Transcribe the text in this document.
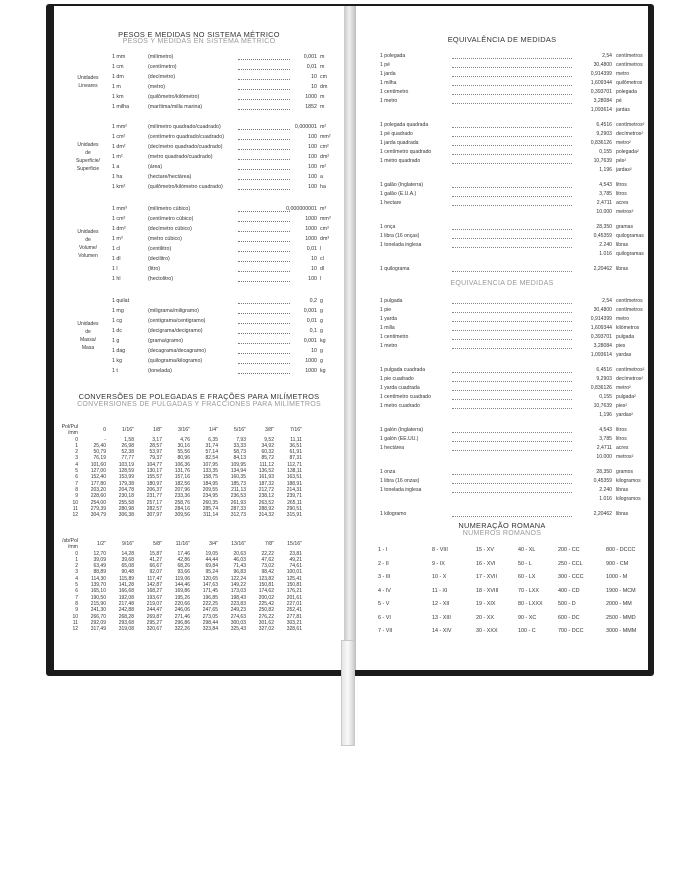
PESOS E MEDIDAS NO SISTEMA MÉTRICO
PESOS Y MEDIDAS EN SISTEMA MÉTRICO
Unidades
Lineares
1 mm	(milímetro)	0,001 m
1 cm	(centímetro)	0,01 m
1 dm	(decímetro)	10 cm
1 m	(metro)	10 dm
1 km	(quilômetro/kilómetro)	1000 m
1 milha	(marítima/milla marina)	1852 m
Unidades
de
Superfície/
Superficie
1 mm²	(milímetro quadrado/cuadrado)	0,000001 m²
1 cm²	(centímetro quadrado/cuadrado)	100 mm²
1 dm²	(decímetro quadrado/cuadrado)	100 cm²
1 m²	(metro quadrado/cuadrado)	100 dm²
1 a	(área)	100 m²
1 ha	(hectare/hectárea)	100 a
1 km²	(quilômetro/kilómetro cuadrado)	100 ha
Unidades
de
Volume/
Volumen
1 mm³	(milímetro cúbico)	0,000000001 m³
1 cm³	(centímetro cúbico)	1000 mm³
1 dm³	(decímetro cúbico)	1000 cm³
1 m³	(metro cúbico)	1000 dm³
1 cl	(centilitro)	0,01 l
1 dl	(decilitro)	10 cl
1 l	(litro)	10 dl
1 hl	(hectolitro)	100 l
Unidades
de
Massa/
Masa
1 quilat	0,2 g
1 mg	(miligrama/miligramo)	0,001 g
1 cg	(centigrama/centigramo)	0,01 g
1 dc	(decigrama/decigramo)	0,1 g
1 g	(grama/gramo)	0,001 kg
1 dag	(decagrama/decagramo)	10 g
1 kg	(quilograma/kilogramo)	1000 g
1 t	(tonelada)	1000 kg
CONVERSÕES DE POLEGADAS E FRAÇÕES PARA MILÍMETROS
CONVERSIONES DE PULGADAS Y FRACCIONES PARA MILÍMETROS
Pol/Pul /mm	0	1/16"	1/8"	3/16"	1/4"	5/16"	3/8"	7/16"
0	-	1,58	3,17	4,76	6,35	7,93	9,52	11,11
1	25,40	26,98	28,57	30,16	31,74	33,33	34,92	36,51
2	50,79	52,38	53,97	55,56	57,14	58,73	60,32	61,91
3	76,19	77,77	79,37	80,96	82,54	84,13	85,72	87,31
4	101,60	103,19	104,77	106,36	107,95	109,95	111,12	112,71
5	127,00	128,59	130,17	131,76	133,35	134,94	136,52	138,11
6	152,40	153,99	155,57	157,16	158,75	160,35	161,93	163,51
7	177,80	179,38	180,97	182,56	184,95	185,73	187,32	188,91
8	203,20	204,78	206,37	207,96	209,55	211,13	212,72	214,31
9	228,60	230,18	231,77	233,36	234,95	236,53	238,12	239,71
10	254,00	255,58	257,17	258,76	260,35	261,93	263,52	265,11
11	279,39	280,98	282,57	284,16	285,74	287,33	288,92	290,51
12	304,79	306,38	307,97	309,56	311,14	312,73	314,32	315,91
/sb/Pol /mm	1/2"	9/16"	5/8"	11/16"	3/4"	13/16"	7/8"	15/16"
0	12,70	14,28	15,87	17,46	19,05	20,63	22,22	23,81
1	39,09	39,68	41,27	42,86	44,44	46,03	47,62	49,21
2	63,49	65,08	66,67	68,26	69,84	71,43	73,02	74,61
3	88,89	90,48	92,07	93,66	95,24	96,83	98,42	100,01
4	114,30	115,89	117,47	119,06	120,65	122,24	123,82	125,41
5	139,70	141,28	142,87	144,46	147,63	149,22	150,81	150,81
6	165,10	166,68	168,27	169,86	171,45	173,03	174,62	176,21
7	190,50	192,08	193,67	195,26	196,85	198,43	200,02	201,61
8	215,90	217,48	219,07	220,66	222,25	223,83	225,42	227,01
9	241,30	242,88	244,47	246,06	247,65	249,23	250,82	252,41
10	266,70	268,28	269,87	271,46	273,05	274,63	276,22	277,81
11	292,09	293,68	295,27	296,86	298,44	300,03	301,62	303,21
12	317,49	319,08	320,67	322,26	323,84	325,43	327,02	328,61
EQUIVALÊNCIA DE MEDIDAS
1 polegada	2,54 centímetros
1 pé	30,4800 centímetros
1 jarda	0,914399 metro
1 milha	1,609344 quilômetros
1 centímetro	0,393701 polegada
1 metro	3,28084 pé
1,093614 jardas
1 polegada quadrada	6,4516 centímetros²
1 pé quadrado	9,2903 decímetros²
1 jarda quadrada	0,836126 metro²
1 centímetro quadrado	0,155 polegada²
1 metro quadrado	10,7639 pés²
1,196 jardas²
1 galão (Inglaterra)	4,543 litros
1 galão (E.U.A.)	3,785 litros
1 hectare	2,4711 acres
10.000 metros²
1 onça	28,350 gramas
1 libra (16 onças)	0,45359 quilogramas
1 tonelada inglesa	2.240 libras
1.016 quilogramas
1 quilograma	2,20462 libras
EQUIVALENCIA DE MEDIDAS
1 pulgada	2,54 centímetros
1 pie	30,4800 centímetros
1 yarda	0,914399 metro
1 milla	1,609344 kilómetros
1 centímetro	0,393701 pulgada
1 metro	3,28084 pies
1,093614 yardas
1 pulgada cuadrada	6,4516 centímetros²
1 pie cuadrado	9,2903 decímetros²
1 yarda cuadrada	0,836126 metro²
1 centímetro cuadrado	0,155 pulgada²
1 metro cuadrado	10,7639 pies²
1,196 yardas²
1 galón (Inglaterra)	4,543 litros
1 galón (EE.UU.)	3,785 litros
1 hectárea	2,4711 acres
10.000 metros²
1 onza	28,350 gramos
1 libra (16 onzas)	0,45359 kilogramos
1 tonelada inglesa	2.240 libras
1.016 kilogramos
1 kilogramo	2,20462 libras
NUMERAÇÃO ROMANA
NÚMEROS ROMANOS
1 - I	8 - VIII	15 - XV	40 - XL	200 - CC	800 - DCCC
2 - II	9 - IX	16 - XVI	50 - L	250 - CCL	900 - CM
3 - III	10 - X	17 - XVII	60 - LX	300 - CCC	1000 - M
4 - IV	11 - XI	18 - XVIII	70 - LXX	400 - CD	1900 - MCM
5 - V	12 - XII	19 - XIX	80 - LXXX	500 - D	2000 - MM
6 - VI	13 - XIII	20 - XX	90 - XC	600 - DC	2500 - MMD
7 - VII	14 - XIV	30 - XXX	100 - C	700 - DCC	3000 - MMM
